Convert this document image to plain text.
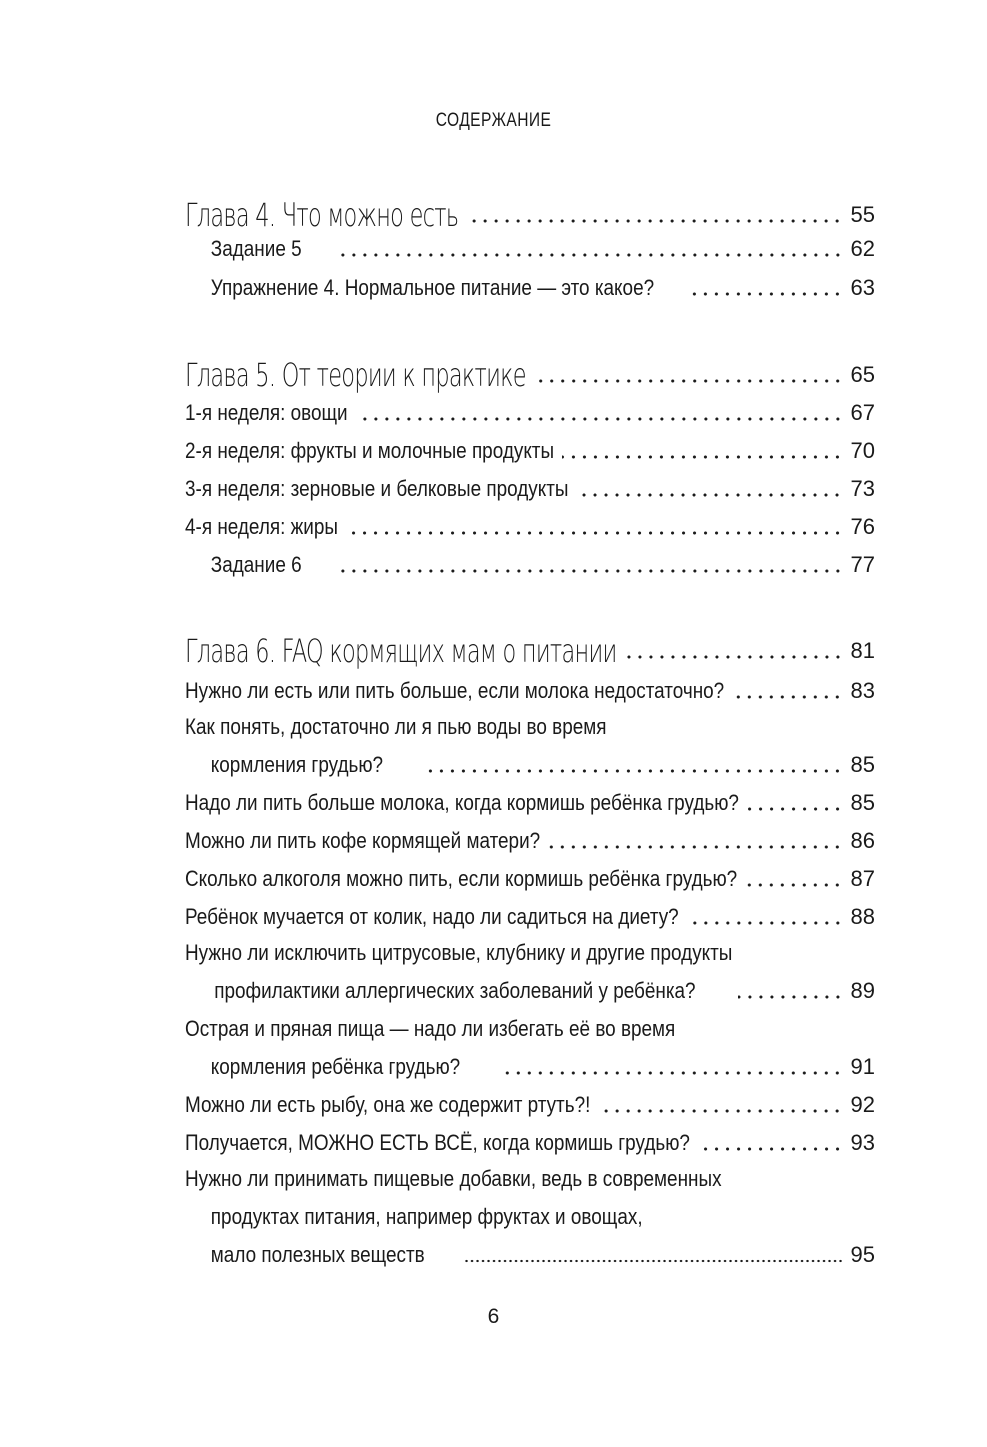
СОДЕРЖАНИЕ
Глава 4. Что можно есть	55
Задание 5	62
Упражнение 4. Нормальное питание — это какое?	63
Глава 5. От теории к практике	65
1-я неделя: овощи	67
2-я неделя: фрукты и молочные продукты	70
3-я неделя: зерновые и белковые продукты	73
4-я неделя: жиры	76
Задание 6	77
Глава 6. FAQ кормящих мам о питании	81
Нужно ли есть или пить больше, если молока недостаточно?	83
Как понять, достаточно ли я пью воды во время
кормления грудью?	85
Надо ли пить больше молока, когда кормишь ребёнка грудью?	85
Можно ли пить кофе кормящей матери?	86
Сколько алкоголя можно пить, если кормишь ребёнка грудью?	87
Ребёнок мучается от колик, надо ли садиться на диету?	88
Нужно ли исключить цитрусовые, клубнику и другие продукты
профилактики аллергических заболеваний у ребёнка?	89
Острая и пряная пища — надо ли избегать её во время
кормления ребёнка грудью?	91
Можно ли есть рыбу, она же содержит ртуть?!	92
Получается, МОЖНО ЕСТЬ ВСЁ, когда кормишь грудью?	93
Нужно ли принимать пищевые добавки, ведь в современных
продуктах питания, например фруктах и овощах,
мало полезных веществ	95
6
